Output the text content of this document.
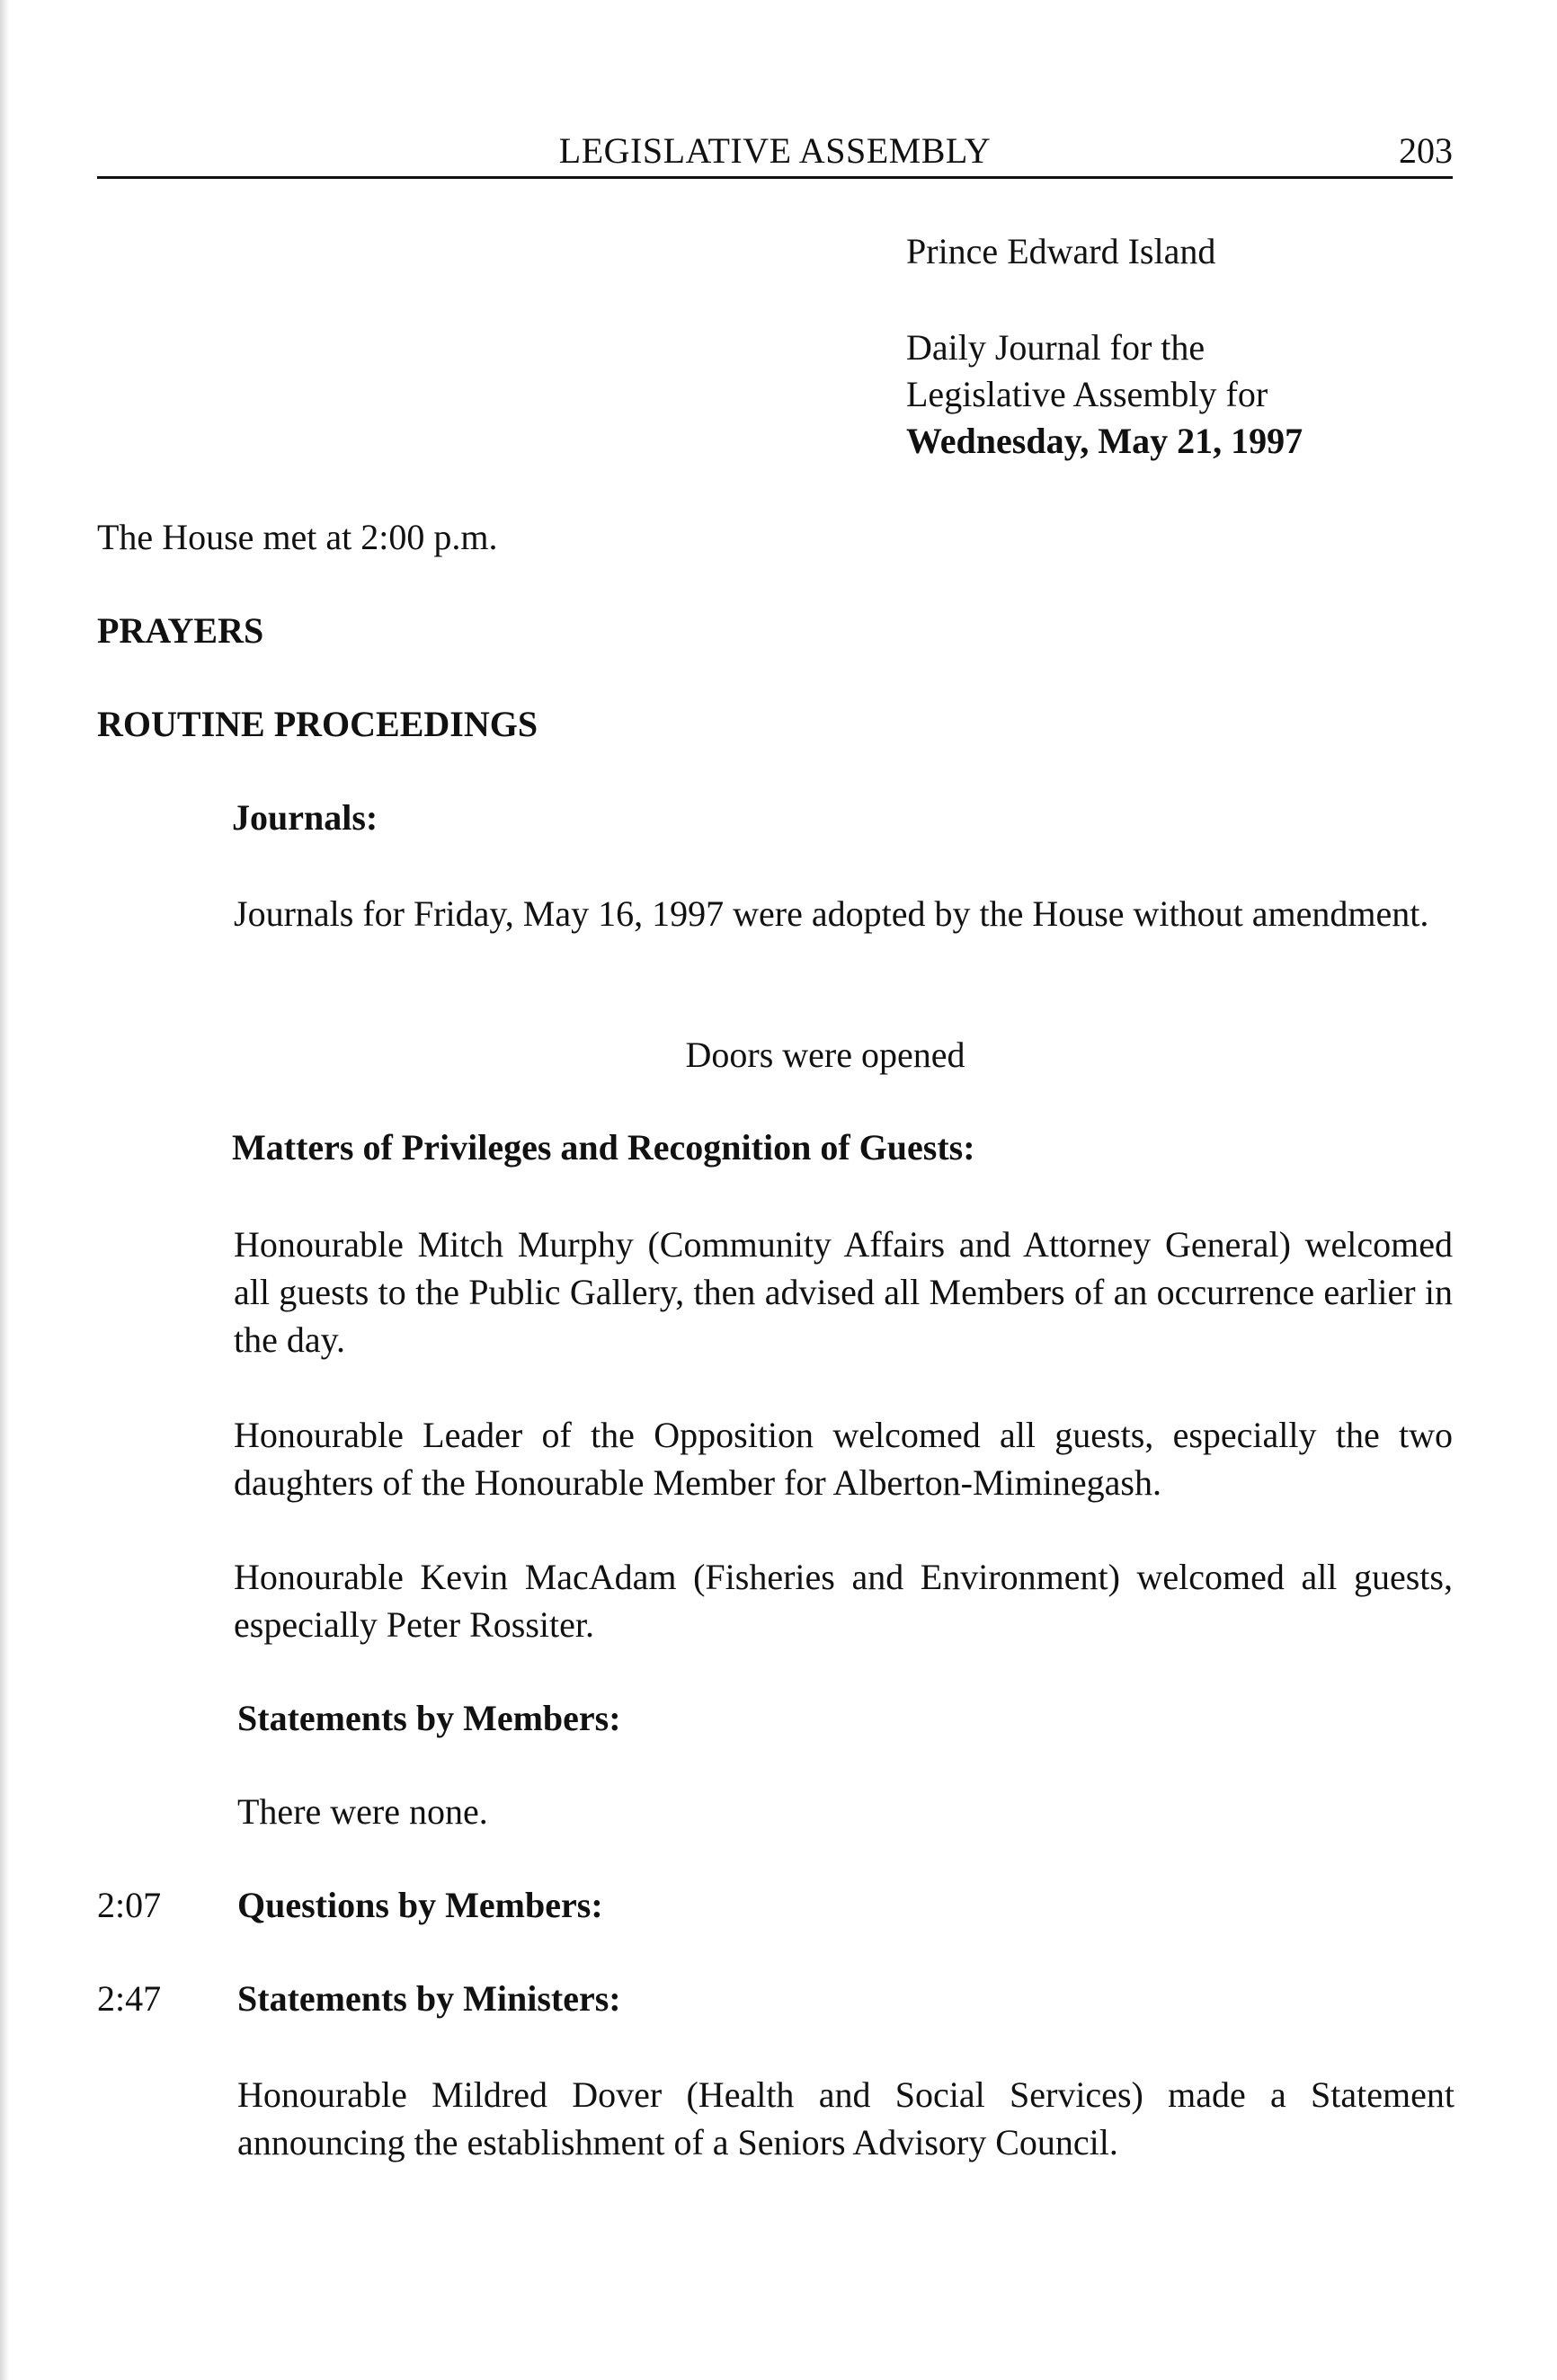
LEGISLATIVE ASSEMBLY	203
Prince Edward Island
Daily Journal for the
Legislative Assembly for
Wednesday, May 21, 1997
The House met at 2:00 p.m.
PRAYERS
ROUTINE PROCEEDINGS
Journals:
Journals for Friday, May 16, 1997 were adopted by the House without amendment.
Doors were opened
Matters of Privileges and Recognition of Guests:
Honourable Mitch Murphy (Community Affairs and Attorney General) welcomed all guests to the Public Gallery, then advised all Members of an occurrence earlier in the day.
Honourable Leader of the Opposition welcomed all guests, especially the two daughters of the Honourable Member for Alberton-Miminegash.
Honourable Kevin MacAdam (Fisheries and Environment) welcomed all guests, especially Peter Rossiter.
Statements by Members:
There were none.
2:07 Questions by Members:
2:47 Statements by Ministers:
Honourable Mildred Dover (Health and Social Services) made a Statement announcing the establishment of a Seniors Advisory Council.
